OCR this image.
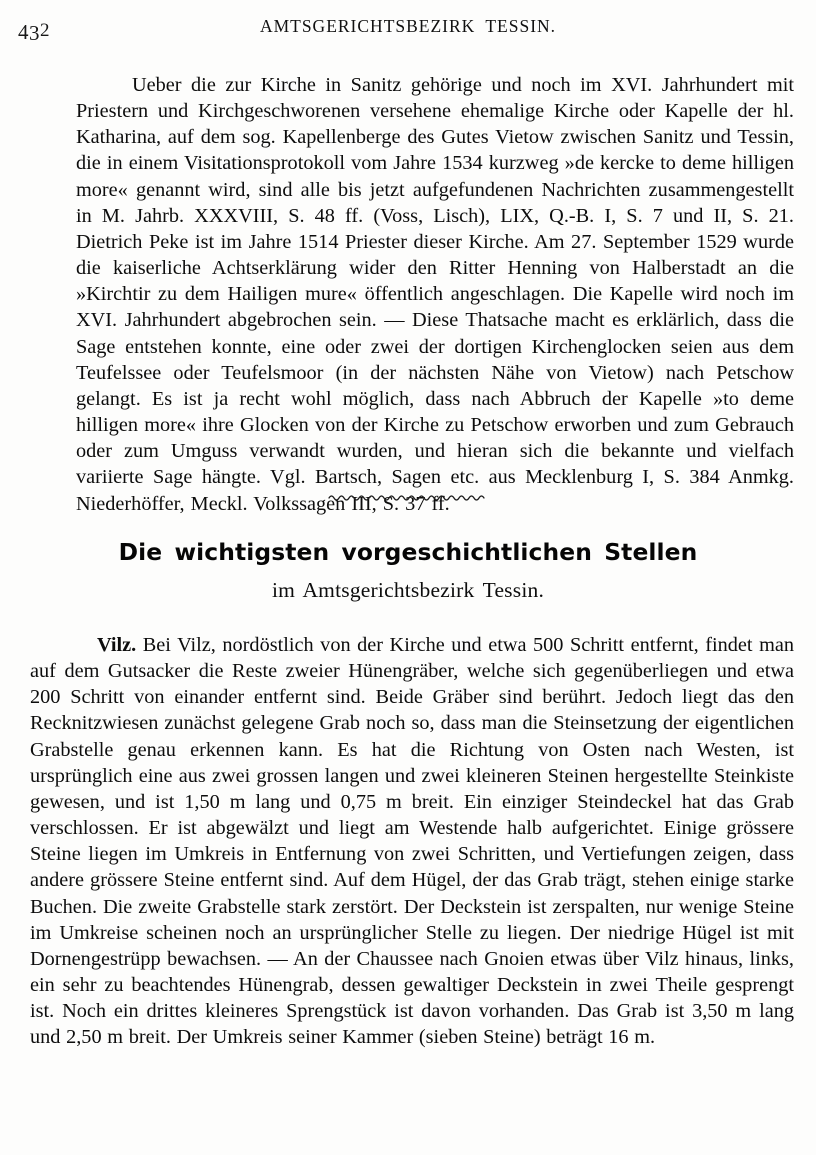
432	AMTSGERICHTSBEZIRK TESSIN.

Ueber die zur Kirche in Sanitz gehörige und noch im XVI. Jahrhundert mit Priestern und Kirchgeschworenen versehene ehemalige Kirche oder Kapelle der hl. Katharina, auf dem sog. Kapellenberge des Gutes Vietow zwischen Sanitz und Tessin, die in einem Visitationsprotokoll vom Jahre 1534 kurzweg »de kercke to deme hilligen more« genannt wird, sind alle bis jetzt aufgefundenen Nachrichten zusammengestellt in M. Jahrb. XXXVIII, S. 48 ff. (Voss, Lisch), LIX, Q.-B. I, S. 7 und II, S. 21. Dietrich Peke ist im Jahre 1514 Priester dieser Kirche. Am 27. September 1529 wurde die kaiserliche Achtserklärung wider den Ritter Henning von Halberstadt an die »Kirchtir zu dem Hailigen mure« öffentlich angeschlagen. Die Kapelle wird noch im XVI. Jahrhundert abgebrochen sein. — Diese Thatsache macht es erklärlich, dass die Sage entstehen konnte, eine oder zwei der dortigen Kirchenglocken seien aus dem Teufelssee oder Teufelsmoor (in der nächsten Nähe von Vietow) nach Petschow gelangt. Es ist ja recht wohl möglich, dass nach Abbruch der Kapelle »to deme hilligen more« ihre Glocken von der Kirche zu Petschow erworben und zum Gebrauch oder zum Umguss verwandt wurden, und hieran sich die bekannte und vielfach variierte Sage hängte. Vgl. Bartsch, Sagen etc. aus Mecklenburg I, S. 384 Anmkg. Niederhöffer, Meckl. Volkssagen III, S. 37 ff.

Die wichtigsten vorgeschichtlichen Stellen
im Amtsgerichtsbezirk Tessin.

Vilz. Bei Vilz, nordöstlich von der Kirche und etwa 500 Schritt entfernt, findet man auf dem Gutsacker die Reste zweier Hünengräber, welche sich gegenüberliegen und etwa 200 Schritt von einander entfernt sind. Beide Gräber sind berührt. Jedoch liegt das den Recknitzwiesen zunächst gelegene Grab noch so, dass man die Steinsetzung der eigentlichen Grabstelle genau erkennen kann. Es hat die Richtung von Osten nach Westen, ist ursprünglich eine aus zwei grossen langen und zwei kleineren Steinen hergestellte Steinkiste gewesen, und ist 1,50 m lang und 0,75 m breit. Ein einziger Steindeckel hat das Grab verschlossen. Er ist abgewälzt und liegt am Westende halb aufgerichtet. Einige grössere Steine liegen im Umkreis in Entfernung von zwei Schritten, und Vertiefungen zeigen, dass andere grössere Steine entfernt sind. Auf dem Hügel, der das Grab trägt, stehen einige starke Buchen. Die zweite Grabstelle stark zerstört. Der Deckstein ist zerspalten, nur wenige Steine im Umkreise scheinen noch an ursprünglicher Stelle zu liegen. Der niedrige Hügel ist mit Dornengestrüpp bewachsen. — An der Chaussee nach Gnoien etwas über Vilz hinaus, links, ein sehr zu beachtendes Hünengrab, dessen gewaltiger Deckstein in zwei Theile gesprengt ist. Noch ein drittes kleineres Sprengstück ist davon vorhanden. Das Grab ist 3,50 m lang und 2,50 m breit. Der Umkreis seiner Kammer (sieben Steine) beträgt 16 m.
